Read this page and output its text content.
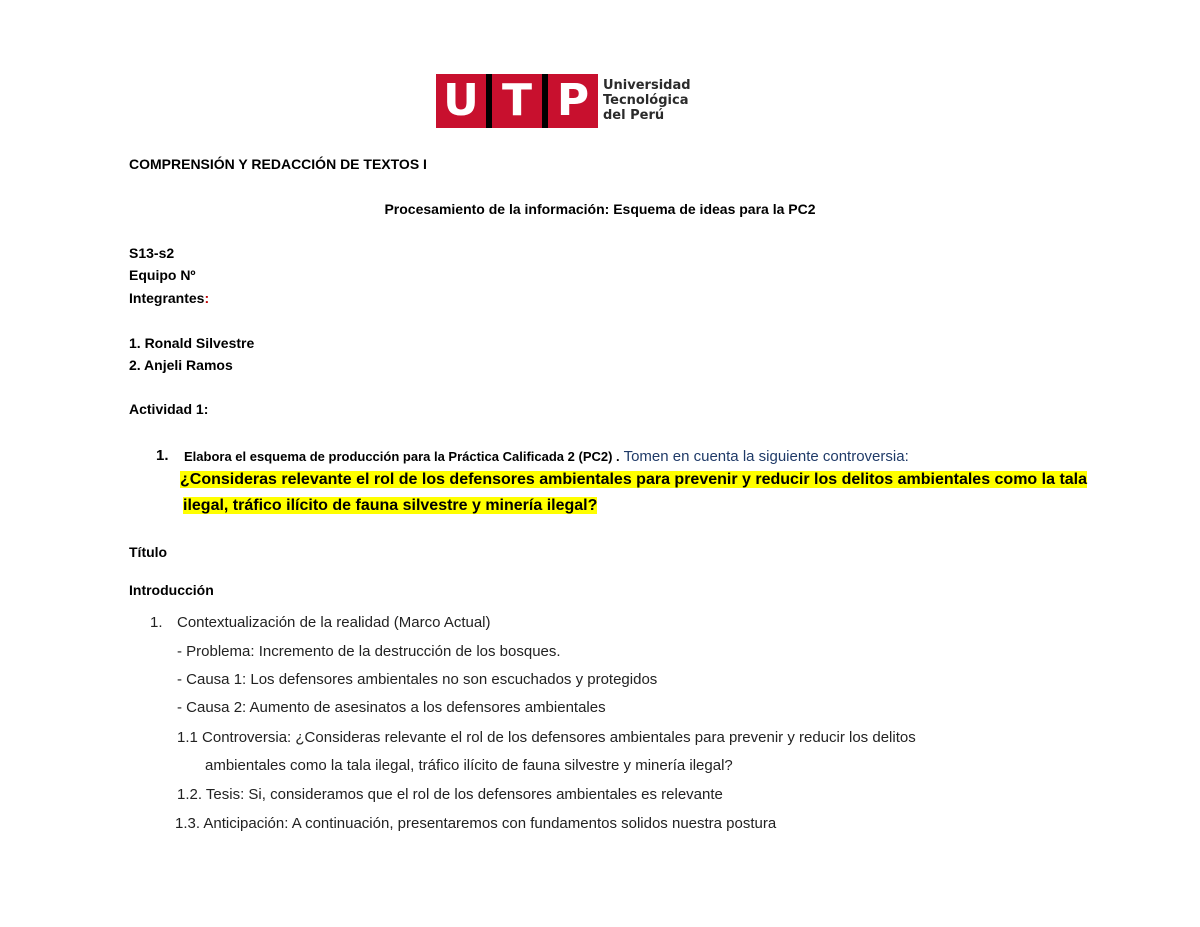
U T P	Universidad
Tecnológica
del Perú
COMPRENSIÓN Y REDACCIÓN DE TEXTOS I
Procesamiento de la información: Esquema de ideas para la PC2
S13-s2
Equipo Nº
Integrantes:
1. Ronald Silvestre
2. Anjeli Ramos
Actividad 1:
1. Elabora el esquema de producción para la Práctica Calificada 2 (PC2) . Tomen en cuenta la siguiente controversia:
¿Consideras relevante el rol de los defensores ambientales para prevenir y reducir los delitos ambientales como la tala
ilegal, tráfico ilícito de fauna silvestre y minería ilegal?
Título
Introducción
1. Contextualización de la realidad (Marco Actual)
- Problema: Incremento de la destrucción de los bosques.
- Causa 1: Los defensores ambientales no son escuchados y protegidos
- Causa 2: Aumento de asesinatos a los defensores ambientales
1.1 Controversia: ¿Consideras relevante el rol de los defensores ambientales para prevenir y reducir los delitos
ambientales como la tala ilegal, tráfico ilícito de fauna silvestre y minería ilegal?
1.2. Tesis: Si, consideramos que el rol de los defensores ambientales es relevante
1.3. Anticipación: A continuación, presentaremos con fundamentos solidos nuestra postura
